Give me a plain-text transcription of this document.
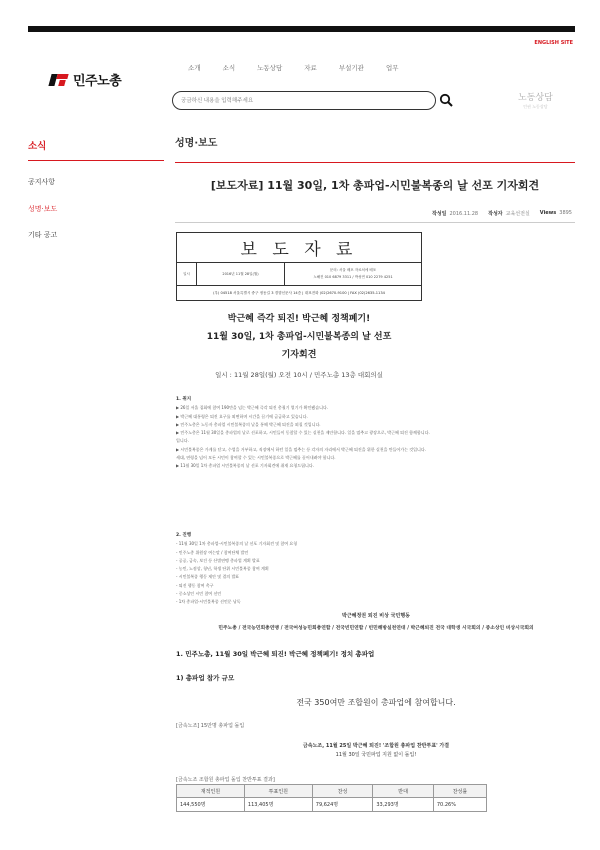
ENGLISH SITE
민주노총
소개	소식	노동상담	자료	부설기관	업무
궁금하신 내용을 입력해주세요
노동상담
인권 노동상담
소식
공지사항
성명·보도
기타 공고
성명·보도
[보도자료] 11월 30일, 1차 총파업-시민불복종의 날 선포 기자회견
작성일 2016.11.28 작성자 교육선전실 Views 3895
보 도 자 료
일시	2016년 11월 28일(월)
문의: 서울 배포 자료처에 배포
노해진 010 6879 3311 / 박성연 010 2279 4251
(우) 04518 서울특별시 중구 정동길 3 경향신문사 14층 | 대표전화 (02)2670-9100 | FAX (02)2635-1134
박근혜 즉각 퇴진! 박근혜 정책폐기!
11월 30일, 1차 총파업-시민불복종의 날 선포
기자회견
일시 : 11월 28일(월) 오전 10시 / 민주노총 13층 대회의실
1. 취지
▶ 26일 서울 집회에 참여 190만을 넘는 박근혜 즉각 퇴진 총궐기 열기가 확인됐습니다.
▶ 박근혜 대통령은 퇴진 요구를 외면하며 시간을 끌기에 급급하고 있습니다.
▶ 민주노총은 노동자 총파업 시민불복종의 날을 통해 박근혜 퇴진을 외칠 것입니다.
▶ 민주노총은 11월 30일을 총파업의 날로 선포하고, 시민들이 동참할 수 있는 실천을 제안합니다. 일을 멈추고 광장으로, 박근혜 퇴진 함께합니다.
입니다.
▶ 시민불복종은 가게를 닫고, 수업을 거부하고, 직장에서 하던 일을 멈추는 등 각자의 자리에서 박근혜 퇴진을 위한 실천을 만들어가는 것입니다.
세대, 연령을 넘어 모든 시민이 참여할 수 있는 시민불복종으로 박근혜를 끌어내려야 합니다.
▶ 11월 30일 1차 총파업 시민불복종의 날 선포 기자회견에 취재 요청드립니다.
2. 진행
- 11월 30일 1차 총파업-시민불복종의 날 선포 기자회견 및 참여 요청
- 민주노총 위원장 여는말 / 참여단체 발언
- 공공, 금속, 보건 등 산별연맹 총파업 계획 발표
- 농민, 노점상, 청년, 학생 단위 시민불복종 참여 계획
- 시민불복종 행동 제안 및 결의 발표
- 퇴진 행동 참여 촉구
- 중소상인 시민 참여 선언
- 1차 총파업-시민불복종 선언문 낭독
박근혜정권 퇴진 비상 국민행동
민주노총 / 전국농민회총연맹 / 전국여성농민회총연합 / 전국빈민연합 / 빈민해방실천연대 / 박근혜퇴진 전국 대학생 시국회의 / 중소상인 비상시국회의
1. 민주노총, 11월 30일 박근혜 퇴진! 박근혜 정책폐기! 정치 총파업
1) 총파업 참가 규모
전국 350여만 조합원이 총파업에 참여합니다.
[금속노조] 15만명 총파업 돌입
금속노조, 11월 25일 박근혜 퇴진! '조합원 총파업 찬반투표' 가결
11월 30일 국민파업 지원 없이 돌입!
[금속노조 조합원 총파업 돌입 찬반투표 결과]
재적인원	투표인원	찬성	반대	찬성률
144,550명	113,405명	79,624명	33,293명	70.26%
